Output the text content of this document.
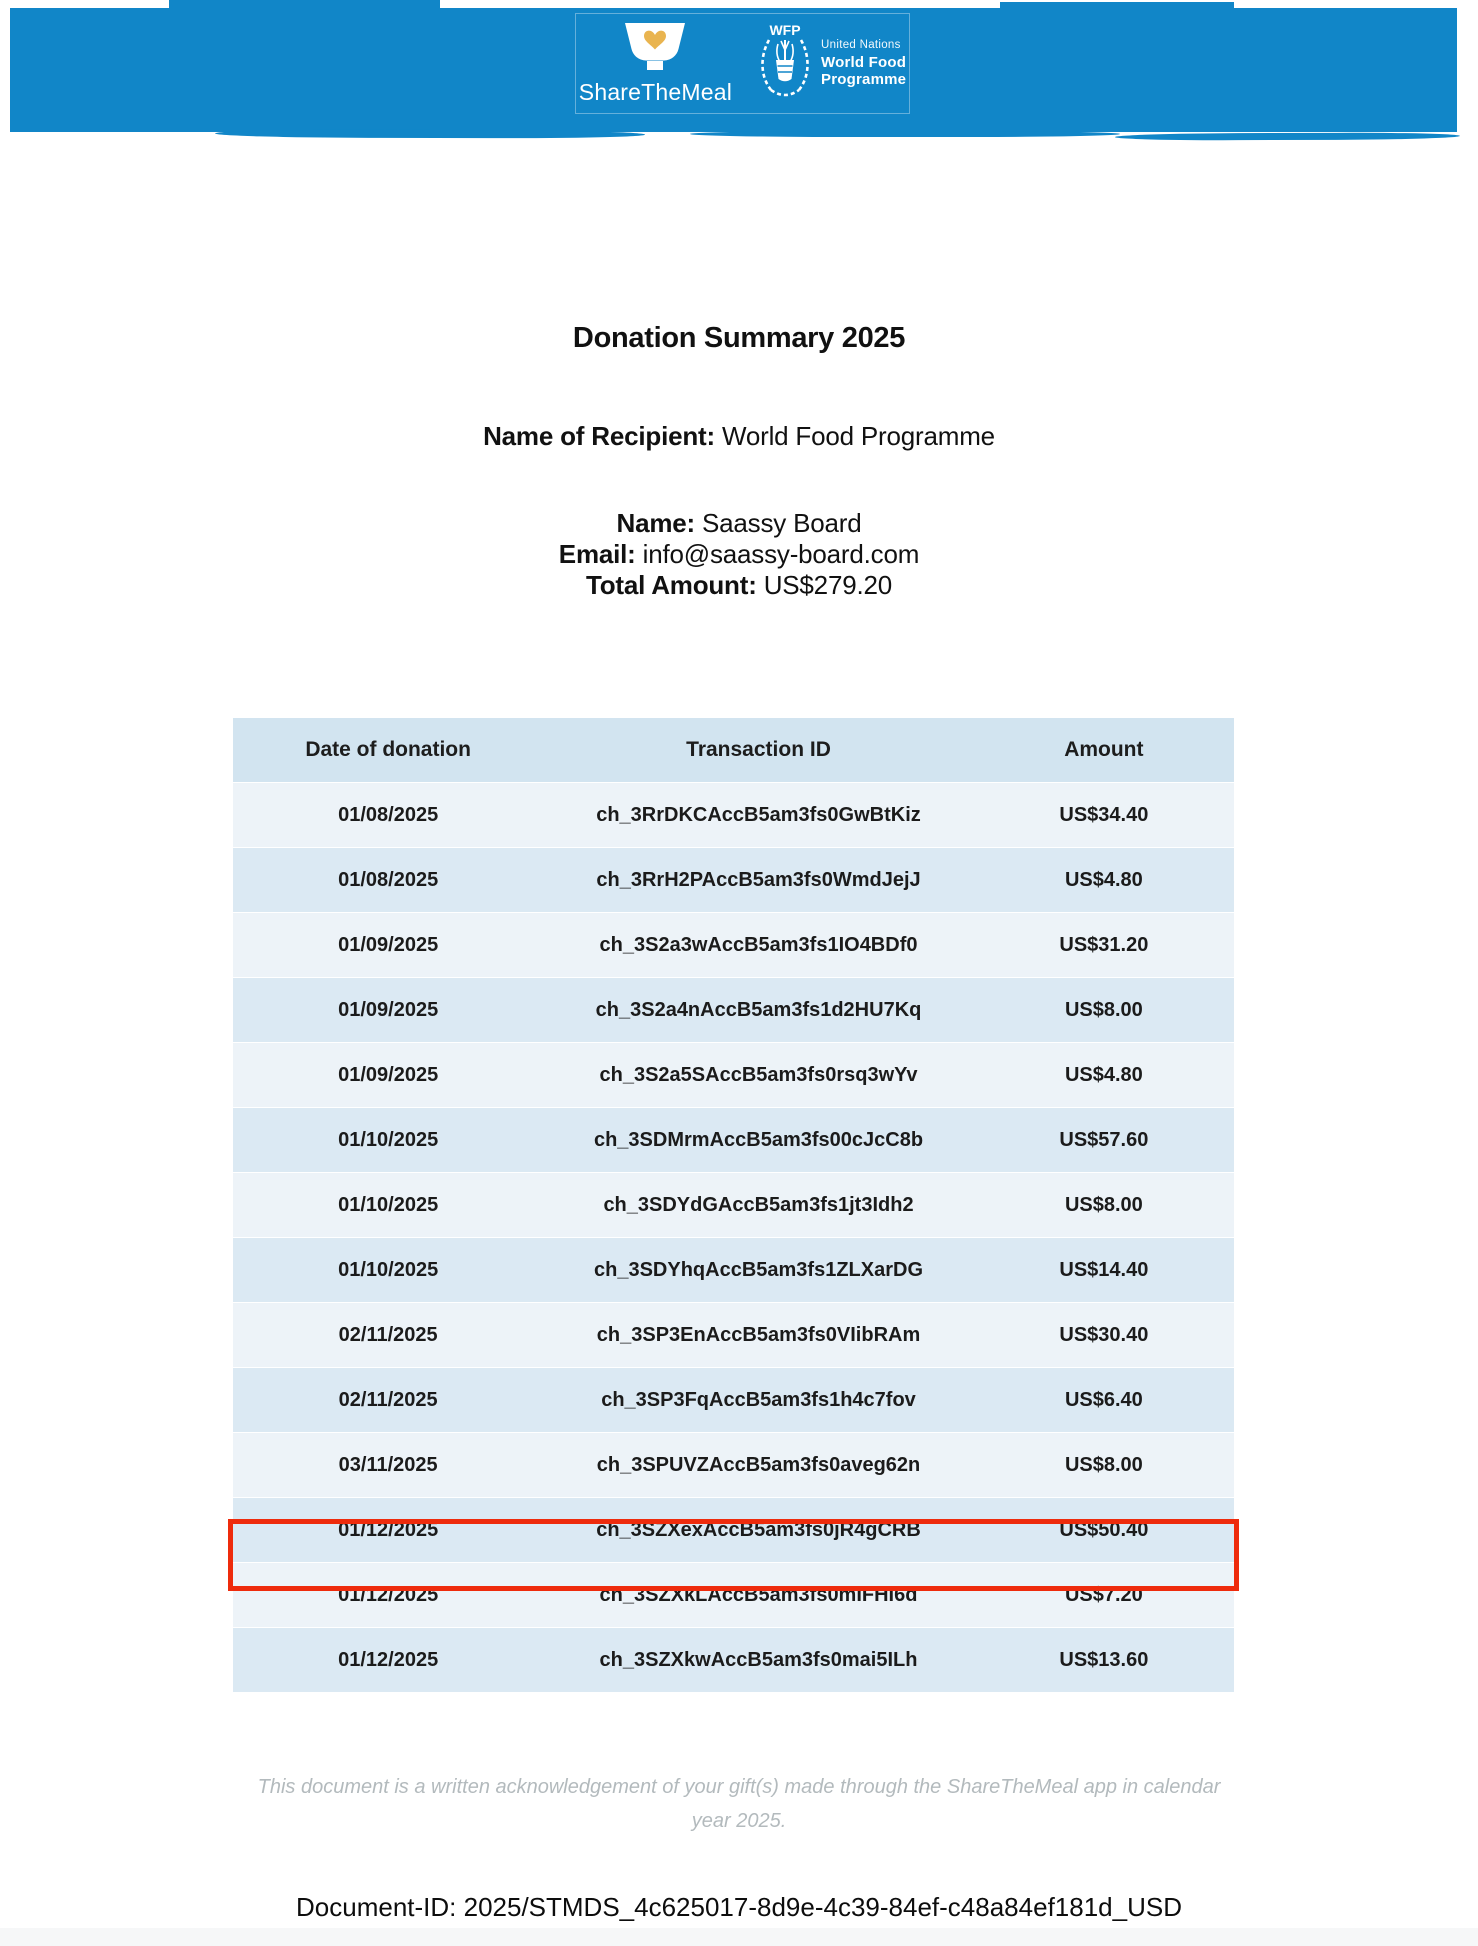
ShareTheMeal
WFP
United Nations
World Food
Programme
Donation Summary 2025
Name of Recipient: World Food Programme
Name: Saassy Board
Email: info@saassy-board.com
Total Amount: US$279.20
Date of donation	Transaction ID	Amount
01/08/2025	ch_3RrDKCAccB5am3fs0GwBtKiz	US$34.40
01/08/2025	ch_3RrH2PAccB5am3fs0WmdJejJ	US$4.80
01/09/2025	ch_3S2a3wAccB5am3fs1IO4BDf0	US$31.20
01/09/2025	ch_3S2a4nAccB5am3fs1d2HU7Kq	US$8.00
01/09/2025	ch_3S2a5SAccB5am3fs0rsq3wYv	US$4.80
01/10/2025	ch_3SDMrmAccB5am3fs00cJcC8b	US$57.60
01/10/2025	ch_3SDYdGAccB5am3fs1jt3Idh2	US$8.00
01/10/2025	ch_3SDYhqAccB5am3fs1ZLXarDG	US$14.40
02/11/2025	ch_3SP3EnAccB5am3fs0VIibRAm	US$30.40
02/11/2025	ch_3SP3FqAccB5am3fs1h4c7fov	US$6.40
03/11/2025	ch_3SPUVZAccB5am3fs0aveg62n	US$8.00
01/12/2025	ch_3SZXexAccB5am3fs0jR4gCRB	US$50.40
01/12/2025	ch_3SZXkLAccB5am3fs0mIFHI6d	US$7.20
01/12/2025	ch_3SZXkwAccB5am3fs0mai5ILh	US$13.60
This document is a written acknowledgement of your gift(s) made through the ShareTheMeal app in calendar
year 2025.
Document-ID: 2025/STMDS_4c625017-8d9e-4c39-84ef-c48a84ef181d_USD
